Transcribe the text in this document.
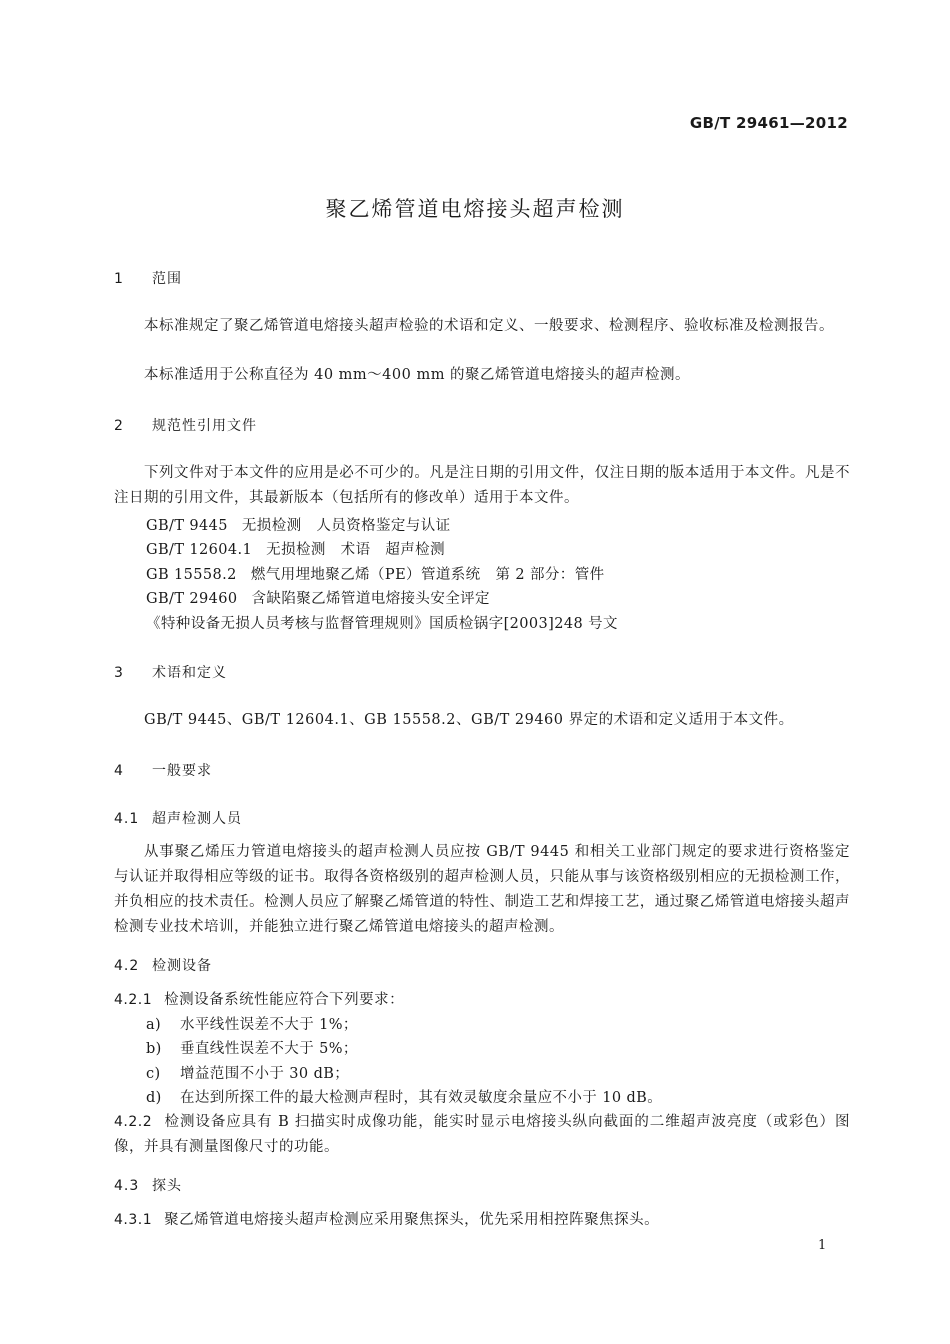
GB/T 29461—2012
聚乙烯管道电熔接头超声检测
1 范围
本标准规定了聚乙烯管道电熔接头超声检验的术语和定义、一般要求、检测程序、验收标准及检测报告。
本标准适用于公称直径为 40 mm～400 mm 的聚乙烯管道电熔接头的超声检测。
2 规范性引用文件
下列文件对于本文件的应用是必不可少的。凡是注日期的引用文件，仅注日期的版本适用于本文件。凡是不注日期的引用文件，其最新版本（包括所有的修改单）适用于本文件。
GB/T 9445 无损检测　人员资格鉴定与认证
GB/T 12604.1 无损检测　术语　超声检测
GB 15558.2 燃气用埋地聚乙烯（PE）管道系统　第 2 部分：管件
GB/T 29460 含缺陷聚乙烯管道电熔接头安全评定
《特种设备无损人员考核与监督管理规则》国质检锅字[2003]248 号文
3 术语和定义
GB/T 9445、GB/T 12604.1、GB 15558.2、GB/T 29460 界定的术语和定义适用于本文件。
4 一般要求
4.1 超声检测人员
从事聚乙烯压力管道电熔接头的超声检测人员应按 GB/T 9445 和相关工业部门规定的要求进行资格鉴定与认证并取得相应等级的证书。取得各资格级别的超声检测人员，只能从事与该资格级别相应的无损检测工作，并负相应的技术责任。检测人员应了解聚乙烯管道的特性、制造工艺和焊接工艺，通过聚乙烯管道电熔接头超声检测专业技术培训，并能独立进行聚乙烯管道电熔接头的超声检测。
4.2 检测设备
4.2.1 检测设备系统性能应符合下列要求：
a) 水平线性误差不大于 1%；
b) 垂直线性误差不大于 5%；
c) 增益范围不小于 30 dB；
d) 在达到所探工件的最大检测声程时，其有效灵敏度余量应不小于 10 dB。
4.2.2 检测设备应具有 B 扫描实时成像功能，能实时显示电熔接头纵向截面的二维超声波亮度（或彩色）图像，并具有测量图像尺寸的功能。
4.3 探头
4.3.1 聚乙烯管道电熔接头超声检测应采用聚焦探头，优先采用相控阵聚焦探头。
1
